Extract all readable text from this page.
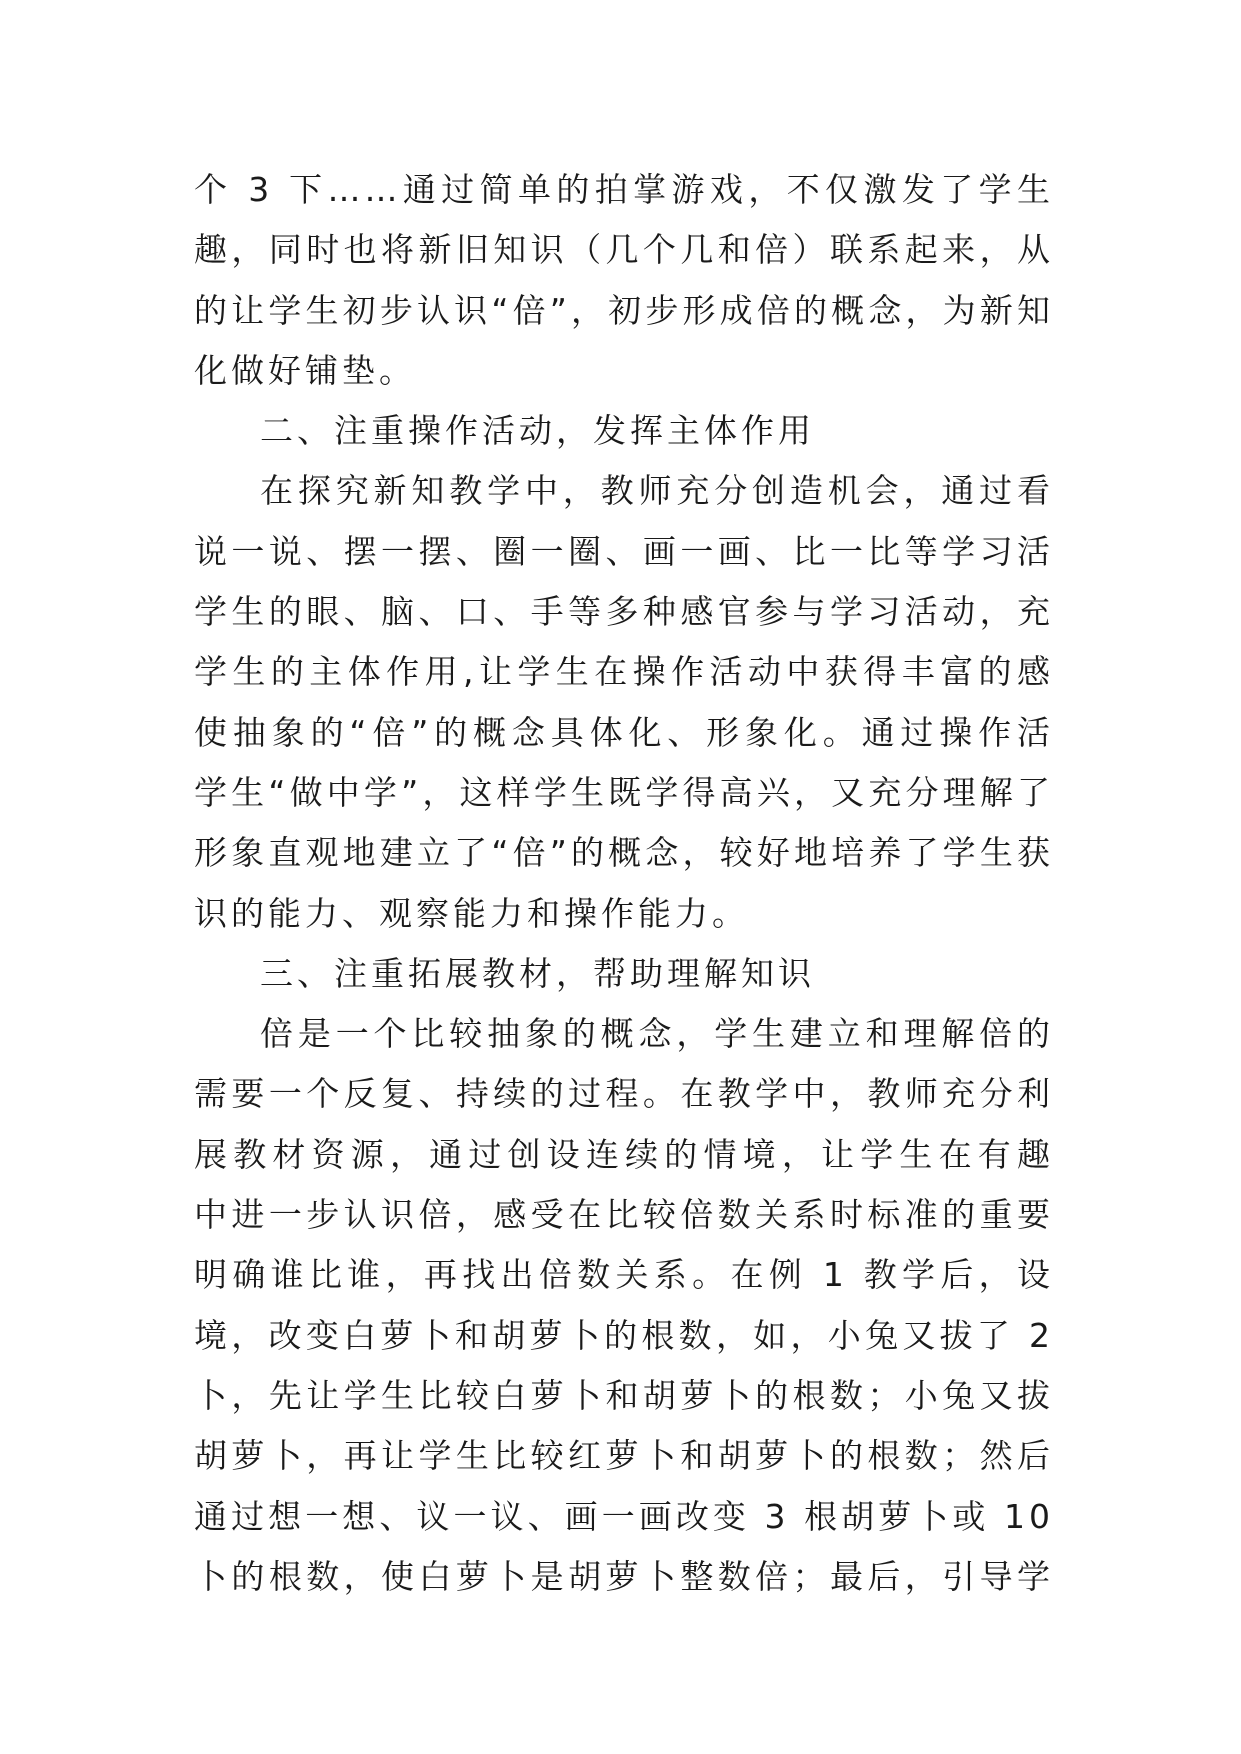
个 3 下……通过简单的拍掌游戏，不仅激发了学生
趣，同时也将新旧知识（几个几和倍）联系起来，从
的让学生初步认识“倍”，初步形成倍的概念，为新知
化做好铺垫。
二、注重操作活动，发挥主体作用
在探究新知教学中，教师充分创造机会，通过看
说一说、摆一摆、圈一圈、画一画、比一比等学习活
学生的眼、脑、口、手等多种感官参与学习活动，充
学生的主体作用,让学生在操作活动中获得丰富的感
使抽象的“倍”的概念具体化、形象化。通过操作活
学生“做中学”，这样学生既学得高兴，又充分理解了
形象直观地建立了“倍”的概念，较好地培养了学生获
识的能力、观察能力和操作能力。
三、注重拓展教材，帮助理解知识
倍是一个比较抽象的概念，学生建立和理解倍的
需要一个反复、持续的过程。在教学中，教师充分利
展教材资源，通过创设连续的情境，让学生在有趣
中进一步认识倍，感受在比较倍数关系时标准的重要
明确谁比谁，再找出倍数关系。在例 1 教学后，设
境，改变白萝卜和胡萝卜的根数，如，小兔又拔了 2
卜，先让学生比较白萝卜和胡萝卜的根数；小兔又拔
胡萝卜，再让学生比较红萝卜和胡萝卜的根数；然后
通过想一想、议一议、画一画改变 3 根胡萝卜或 10
卜的根数，使白萝卜是胡萝卜整数倍；最后，引导学
